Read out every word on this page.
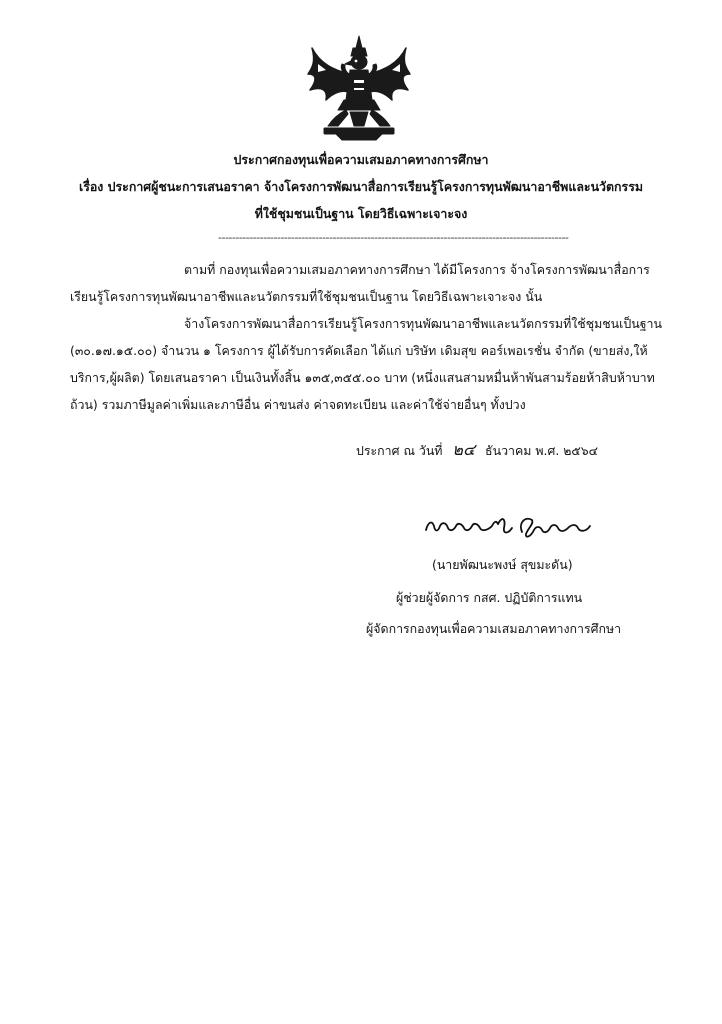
ประกาศกองทุนเพื่อความเสมอภาคทางการศึกษา
เรื่อง ประกาศผู้ชนะการเสนอราคา จ้างโครงการพัฒนาสื่อการเรียนรู้โครงการทุนพัฒนาอาชีพและนวัตกรรม
ที่ใช้ชุมชนเป็นฐาน โดยวิธีเฉพาะเจาะจง
-----------------------------------------------------------------------------------------------------
ตามที่ กองทุนเพื่อความเสมอภาคทางการศึกษา ได้มีโครงการ จ้างโครงการพัฒนาสื่อการ
เรียนรู้โครงการทุนพัฒนาอาชีพและนวัตกรรมที่ใช้ชุมชนเป็นฐาน โดยวิธีเฉพาะเจาะจง นั้น
จ้างโครงการพัฒนาสื่อการเรียนรู้โครงการทุนพัฒนาอาชีพและนวัตกรรมที่ใช้ชุมชนเป็นฐาน
(๓๐.๑๗.๑๕.๐๐) จำนวน ๑ โครงการ ผู้ได้รับการคัดเลือก ได้แก่ บริษัท เดิมสุข คอร์เพอเรชั่น จำกัด (ขายส่ง,ให้
บริการ,ผู้ผลิต) โดยเสนอราคา เป็นเงินทั้งสิ้น ๑๓๕,๓๕๕.๐๐ บาท (หนึ่งแสนสามหมื่นห้าพันสามร้อยห้าสิบห้าบาท
ถ้วน) รวมภาษีมูลค่าเพิ่มและภาษีอื่น ค่าขนส่ง ค่าจดทะเบียน และค่าใช้จ่ายอื่นๆ ทั้งปวง
ประกาศ ณ วันที่ ๒๔ ธันวาคม พ.ศ. ๒๕๖๔
(นายพัฒนะพงษ์ สุขมะดัน)
ผู้ช่วยผู้จัดการ กสศ. ปฏิบัติการแทน
ผู้จัดการกองทุนเพื่อความเสมอภาคทางการศึกษา
